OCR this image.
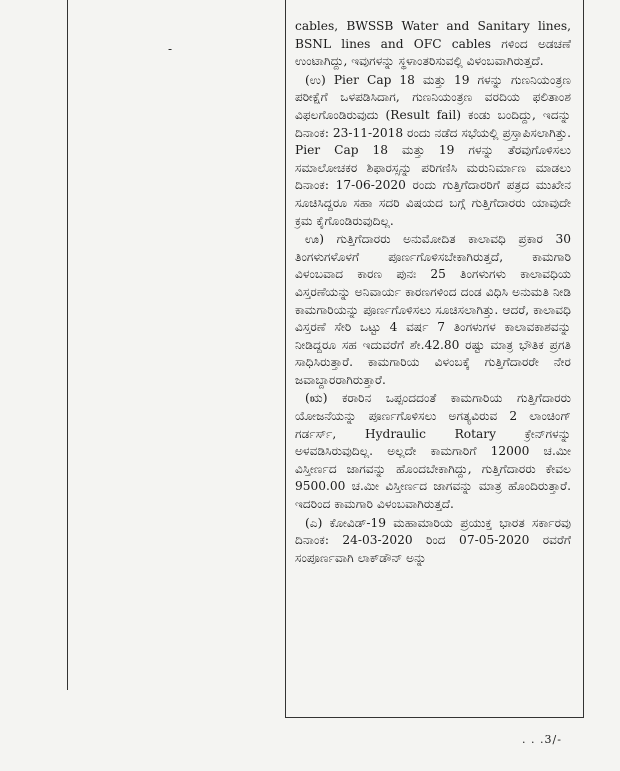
-

cables, BWSSB Water and Sanitary lines, BSNL lines and OFC cables ಗಳಿಂದ ಅಡಚಣೆ ಉಂಟಾಗಿದ್ದು, ಇವುಗಳನ್ನು ಸ್ಥಳಾಂತರಿಸುವಲ್ಲಿ ವಿಳಂಬವಾಗಿರುತ್ತದೆ.

(ಉ) Pier Cap 18 ಮತ್ತು 19 ಗಳನ್ನು ಗುಣನಿಯಂತ್ರಣ ಪರೀಕ್ಷೆಗೆ ಒಳಪಡಿಸಿದಾಗ, ಗುಣನಿಯಂತ್ರಣ ವರದಿಯ ಫಲಿತಾಂಶ ವಿಫಲಗೊಂಡಿರುವುದು (Result fail) ಕಂಡು ಬಂದಿದ್ದು, ಇದನ್ನು ದಿನಾಂಕ: 23-11-2018 ರಂದು ನಡೆದ ಸಭೆಯಲ್ಲಿ ಪ್ರಸ್ತಾಪಿಸಲಾಗಿತ್ತು. Pier Cap 18 ಮತ್ತು 19 ಗಳನ್ನು ತೆರವುಗೊಳಿಸಲು ಸಮಾಲೋಚಕರ ಶಿಫಾರಸ್ಸನ್ನು ಪರಿಗಣಿಸಿ ಮರುನಿರ್ಮಾಣ ಮಾಡಲು ದಿನಾಂಕ: 17-06-2020 ರಂದು ಗುತ್ತಿಗೆದಾರರಿಗೆ ಪತ್ರದ ಮುಖೇನ ಸೂಚಿಸಿದ್ದರೂ ಸಹಾ ಸದರಿ ವಿಷಯದ ಬಗ್ಗೆ ಗುತ್ತಿಗೆದಾರರು ಯಾವುದೇ ಕ್ರಮ ಕೈಗೊಂಡಿರುವುದಿಲ್ಲ.

ಊ) ಗುತ್ತಿಗೆದಾರರು ಅನುಮೋದಿತ ಕಾಲಾವಧಿ ಪ್ರಕಾರ 30 ತಿಂಗಳುಗಳೊಳಗೆ ಪೂರ್ಣಗೊಳಿಸಬೇಕಾಗಿರುತ್ತದೆ, ಕಾಮಗಾರಿ ವಿಳಂಬವಾದ ಕಾರಣ ಪುನಃ 25 ತಿಂಗಳುಗಳು ಕಾಲಾವಧಿಯ ವಿಸ್ತರಣೆಯನ್ನು ಅನಿವಾರ್ಯ ಕಾರಣಗಳಿಂದ ದಂಡ ವಿಧಿಸಿ ಅನುಮತಿ ನೀಡಿ ಕಾಮಗಾರಿಯನ್ನು ಪೂರ್ಣಗೊಳಿಸಲು ಸೂಚಿಸಲಾಗಿತ್ತು. ಆದರೆ, ಕಾಲಾವಧಿ ವಿಸ್ತರಣೆ ಸೇರಿ ಒಟ್ಟು 4 ವರ್ಷ 7 ತಿಂಗಳುಗಳ ಕಾಲಾವಕಾಶವನ್ನು ನೀಡಿದ್ದರೂ ಸಹ ಇದುವರೆಗೆ ಶೇ.42.80 ರಷ್ಟು ಮಾತ್ರ ಭೌತಿಕ ಪ್ರಗತಿ ಸಾಧಿಸಿರುತ್ತಾರೆ. ಕಾಮಗಾರಿಯ ವಿಳಂಬಕ್ಕೆ ಗುತ್ತಿಗೆದಾರರೇ ನೇರ ಜವಾಬ್ದಾರರಾಗಿರುತ್ತಾರೆ.

(ಋ) ಕರಾರಿನ ಒಪ್ಪಂದದಂತೆ ಕಾಮಗಾರಿಯ ಗುತ್ತಿಗೆದಾರರು ಯೋಜನೆಯನ್ನು ಪೂರ್ಣಗೊಳಿಸಲು ಅಗತ್ಯವಿರುವ 2 ಲಾಂಚಿಂಗ್ ಗರ್ಡರ್ಸ್, Hydraulic Rotary ಕ್ರೇನ್‌ಗಳನ್ನು ಅಳವಡಿಸಿರುವುದಿಲ್ಲ. ಅಲ್ಲದೇ ಕಾಮಗಾರಿಗೆ 12000 ಚ.ಮೀ ವಿಸ್ತೀರ್ಣದ ಜಾಗವನ್ನು ಹೊಂದಬೇಕಾಗಿದ್ದು, ಗುತ್ತಿಗೆದಾರರು ಕೇವಲ 9500.00 ಚ.ಮೀ ವಿಸ್ತೀರ್ಣದ ಜಾಗವನ್ನು ಮಾತ್ರ ಹೊಂದಿರುತ್ತಾರೆ. ಇದರಿಂದ ಕಾಮಗಾರಿ ವಿಳಂಬವಾಗಿರುತ್ತದೆ.

(ಎ) ಕೋವಿಡ್-19 ಮಹಾಮಾರಿಯ ಪ್ರಯುಕ್ತ ಭಾರತ ಸರ್ಕಾರವು ದಿನಾಂಕ: 24-03-2020 ರಿಂದ 07-05-2020 ರವರೆಗೆ ಸಂಪೂರ್ಣವಾಗಿ ಲಾಕ್‌ಡೌನ್ ಅನ್ನು

. . .3/-
